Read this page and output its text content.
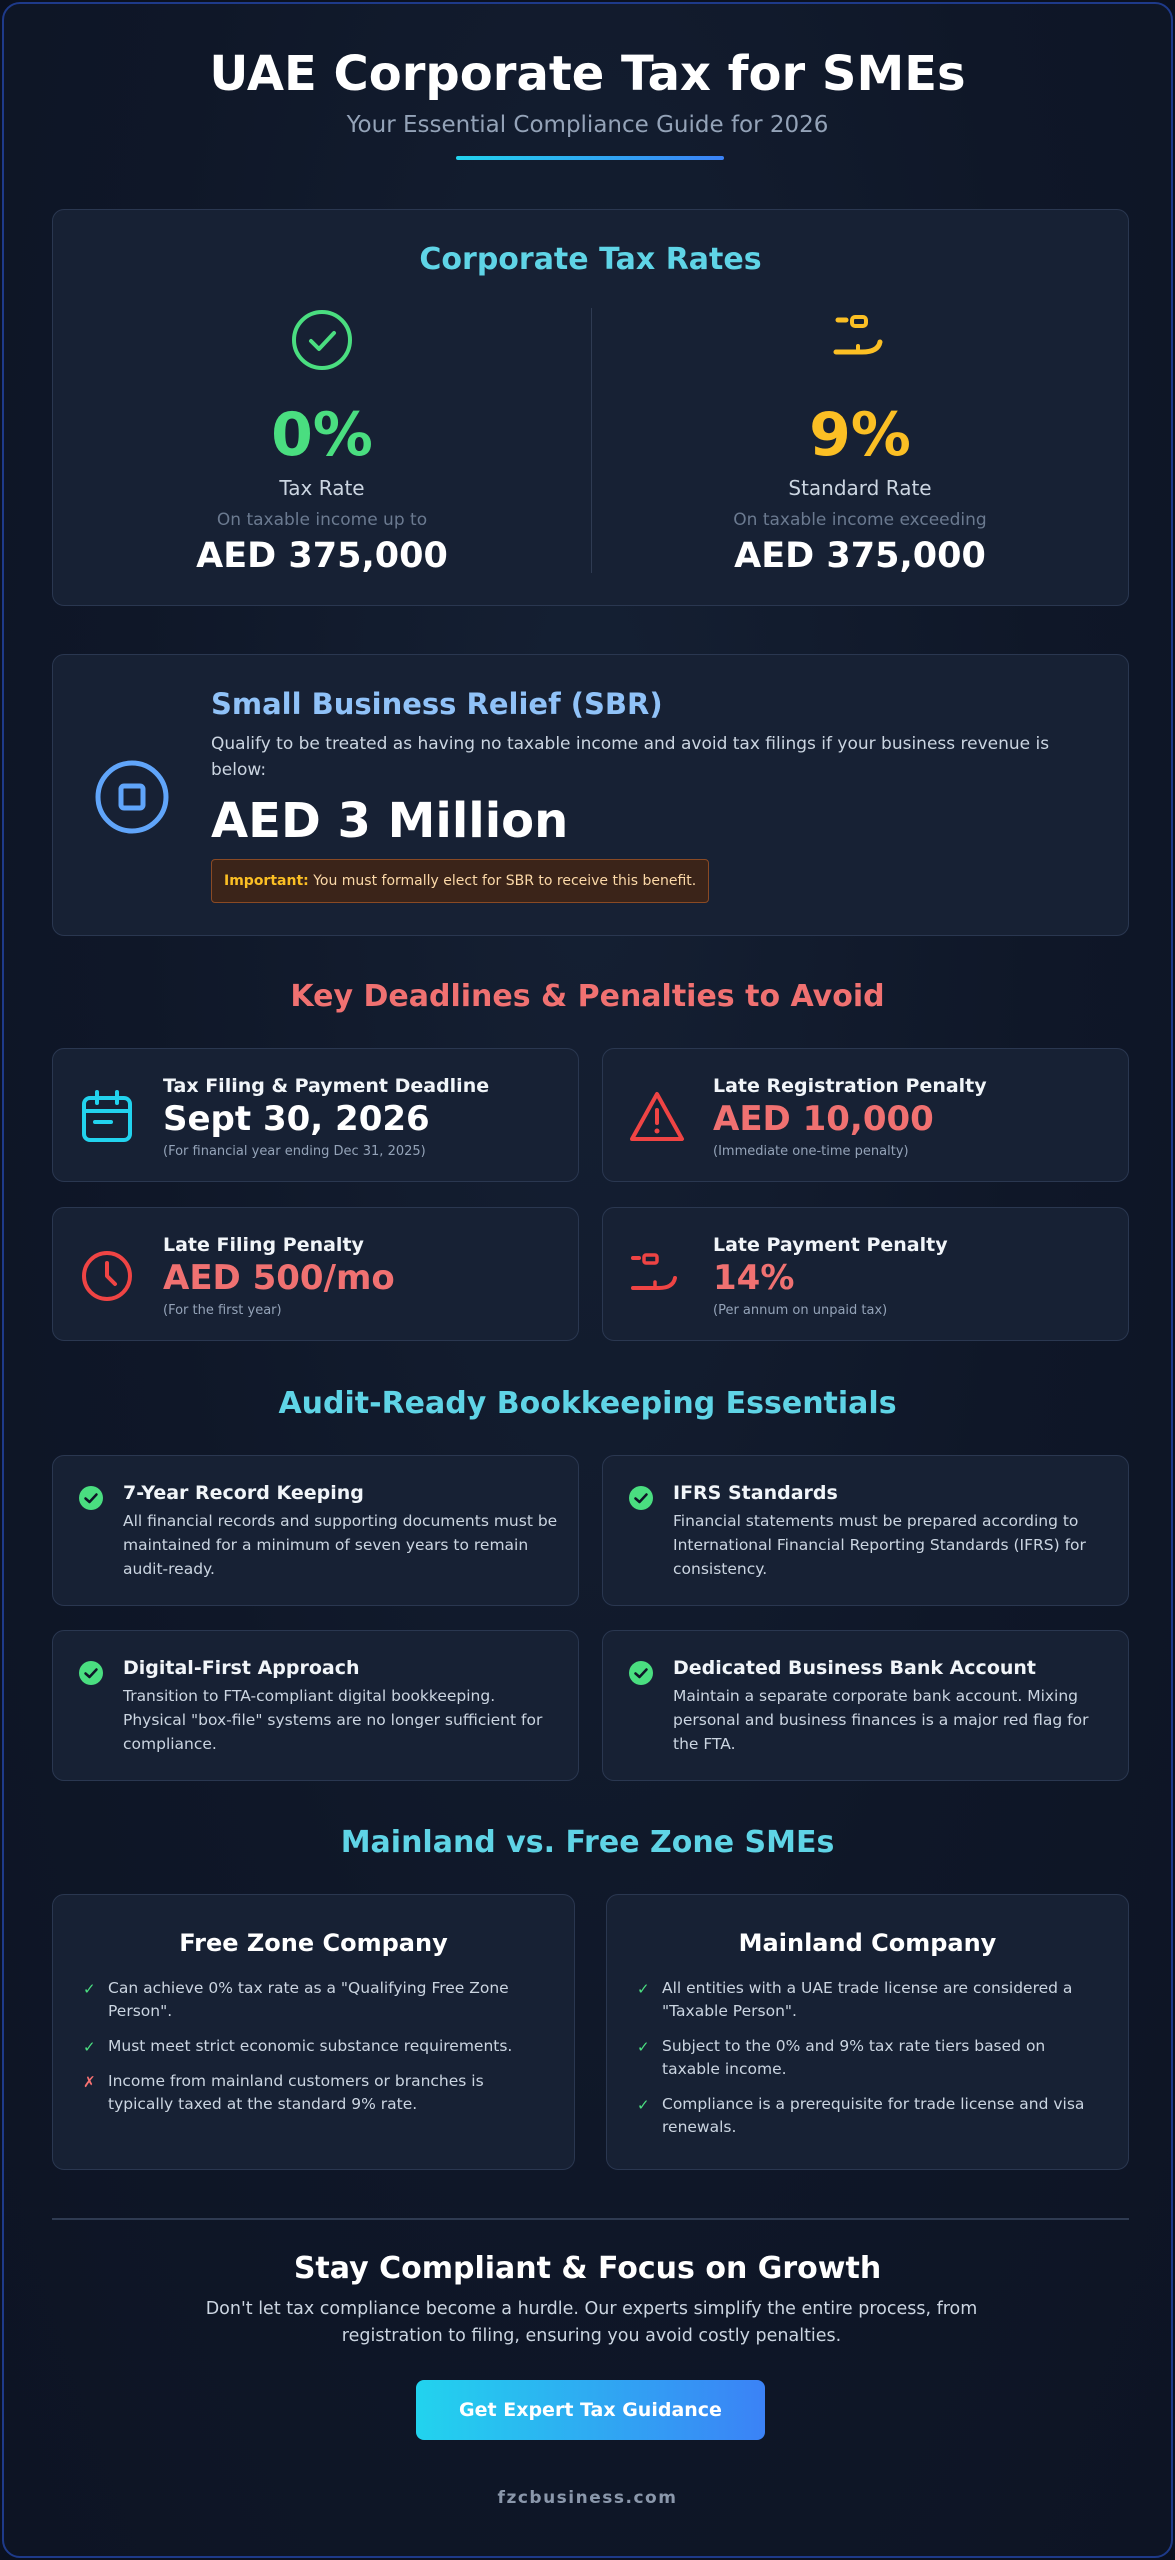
UAE Corporate Tax for SMEs
Your Essential Compliance Guide for 2026
Corporate Tax Rates
0%
Tax Rate
On taxable income up to
AED 375,000
9%
Standard Rate
On taxable income exceeding
AED 375,000
Small Business Relief (SBR)
Qualify to be treated as having no taxable income and avoid tax filings if your business revenue is below:
AED 3 Million
Important: You must formally elect for SBR to receive this benefit.
Key Deadlines & Penalties to Avoid
Tax Filing & Payment Deadline
Sept 30, 2026
(For financial year ending Dec 31, 2025)
Late Registration Penalty
AED 10,000
(Immediate one-time penalty)
Late Filing Penalty
AED 500/mo
(For the first year)
Late Payment Penalty
14%
(Per annum on unpaid tax)
Audit-Ready Bookkeeping Essentials
7-Year Record Keeping
All financial records and supporting documents must be maintained for a minimum of seven years to remain audit-ready.
IFRS Standards
Financial statements must be prepared according to International Financial Reporting Standards (IFRS) for consistency.
Digital-First Approach
Transition to FTA-compliant digital bookkeeping. Physical "box-file" systems are no longer sufficient for compliance.
Dedicated Business Bank Account
Maintain a separate corporate bank account. Mixing personal and business finances is a major red flag for the FTA.
Mainland vs. Free Zone SMEs
Free Zone Company
✓ Can achieve 0% tax rate as a "Qualifying Free Zone Person".
✓ Must meet strict economic substance requirements.
✗ Income from mainland customers or branches is typically taxed at the standard 9% rate.
Mainland Company
✓ All entities with a UAE trade license are considered a "Taxable Person".
✓ Subject to the 0% and 9% tax rate tiers based on taxable income.
✓ Compliance is a prerequisite for trade license and visa renewals.
Stay Compliant & Focus on Growth
Don't let tax compliance become a hurdle. Our experts simplify the entire process, from registration to filing, ensuring you avoid costly penalties.
Get Expert Tax Guidance
fzcbusiness.com
